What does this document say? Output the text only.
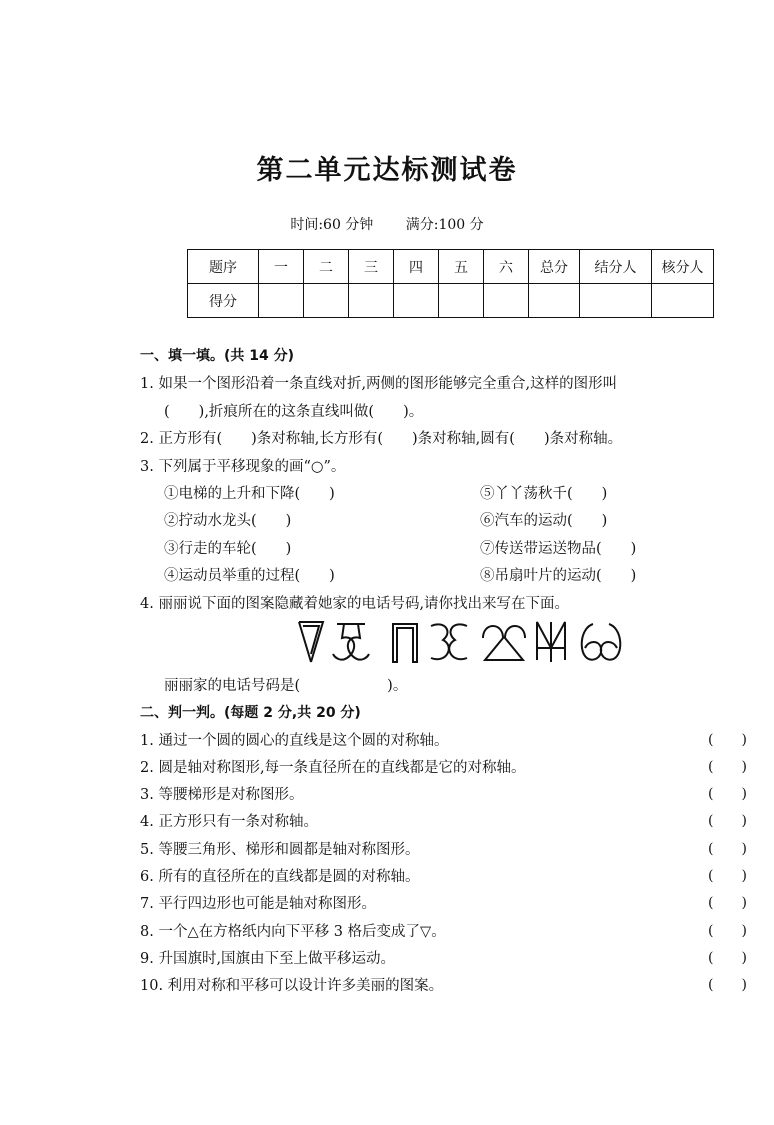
第二单元达标测试卷
时间:60 分钟 满分:100 分
题序	一	二	三	四	五	六	总分	结分人	核分人
得分									
一、填一填。(共 14 分)
1. 如果一个图形沿着一条直线对折,两侧的图形能够完全重合,这样的图形叫
(　　),折痕所在的这条直线叫做(　　)。
2. 正方形有(　　)条对称轴,长方形有(　　)条对称轴,圆有(　　)条对称轴。
3. 下列属于平移现象的画“○”。
①电梯的上升和下降(　　)	⑤丫丫荡秋千(　　)
②拧动水龙头(　　)	⑥汽车的运动(　　)
③行走的车轮(　　)	⑦传送带运送物品(　　)
④运动员举重的过程(　　)	⑧吊扇叶片的运动(　　)
4. 丽丽说下面的图案隐藏着她家的电话号码,请你找出来写在下面。
丽丽家的电话号码是(　　　　　　)。
二、判一判。(每题 2 分,共 20 分)
1. 通过一个圆的圆心的直线是这个圆的对称轴。	(　　)
2. 圆是轴对称图形,每一条直径所在的直线都是它的对称轴。	(　　)
3. 等腰梯形是对称图形。	(　　)
4. 正方形只有一条对称轴。	(　　)
5. 等腰三角形、梯形和圆都是轴对称图形。	(　　)
6. 所有的直径所在的直线都是圆的对称轴。	(　　)
7. 平行四边形也可能是轴对称图形。	(　　)
8. 一个△在方格纸内向下平移 3 格后变成了▽。	(　　)
9. 升国旗时,国旗由下至上做平移运动。	(　　)
10. 利用对称和平移可以设计许多美丽的图案。	(　　)
